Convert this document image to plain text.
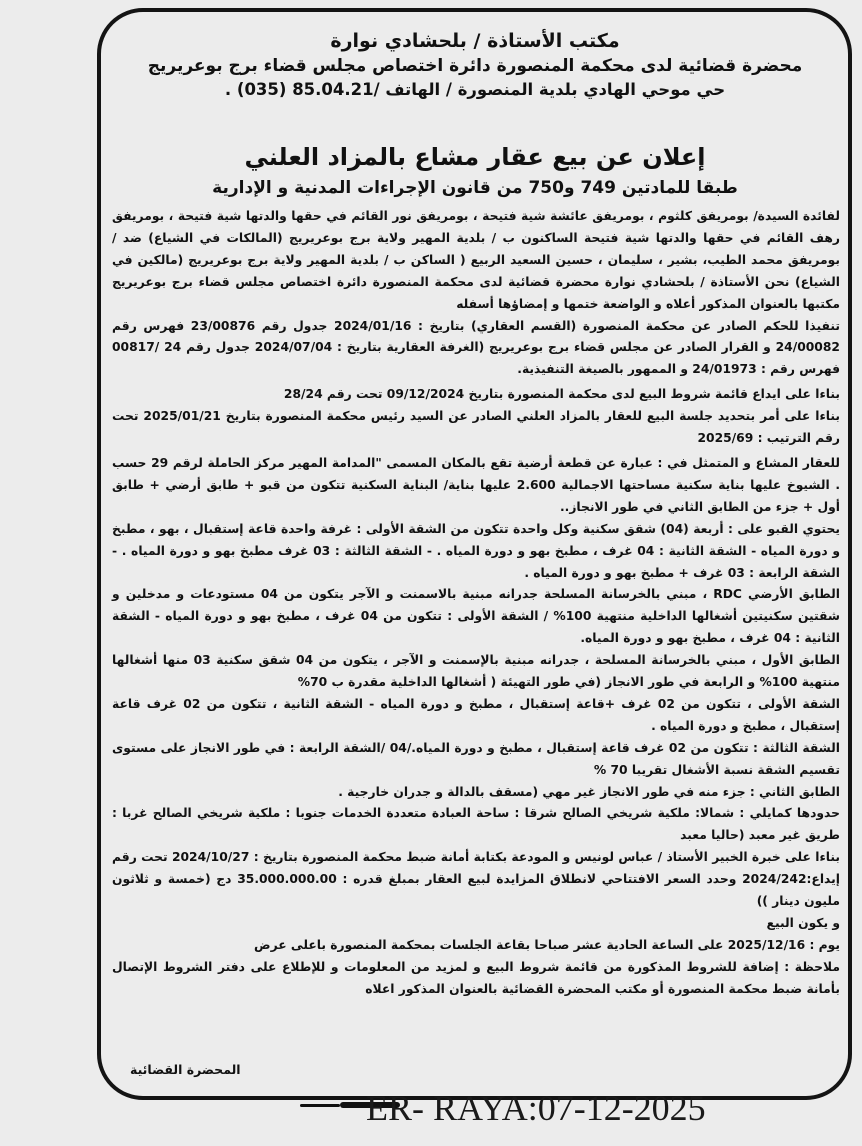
مكتب الأستاذة / بلحشادي نوارة
محضرة قضائية لدى محكمة المنصورة دائرة اختصاص مجلس قضاء برج بوعريريج
حي موحي الهادي بلدية المنصورة / الهاتف /85.04.21 (035) .
إعلان عن بيع عقار مشاع بالمزاد العلني
طبقا للمادتين 749 و750 من قانون الإجراءات المدنية و الإدارية

لفائدة السيدة/ بومريفق كلثوم ، بومريفق عائشة شية فتيحة ، بومريفق نور القائم في حقها والدتها شية فتيحة ، بومريفق رهف القائم في حقها والدتها شية فتيحة الساكنون ب / بلدية المهير ولاية برج بوعريريج (المالكات في الشياع) ضد / بومريفق محمد الطيب، بشير ، سليمان ، حسين السعيد الربيع ( الساكن ب / بلدية المهير ولاية برج بوعريريج (مالكين في الشياع) نحن الأستاذة / بلحشادي نوارة محضرة قضائية لدى محكمة المنصورة دائرة اختصاص مجلس قضاء برج بوعريريج مكتبها بالعنوان المذكور أعلاه و الواضعة ختمها و إمضاؤها أسفله

تنفيذا للحكم الصادر عن محكمة المنصورة (القسم العقاري) بتاريخ : 2024/01/16 جدول رقم 23/00876 فهرس رقم 24/00082 و القرار الصادر عن مجلس قضاء برج بوعريريج (الغرفة العقارية بتاريخ : 2024/07/04 جدول رقم 24 /00817 فهرس رقم : 24/01973 و الممهور بالصيغة التنفيذية.

بناءا على ايداع قائمة شروط البيع لدى محكمة المنصورة بتاريخ 09/12/2024 تحت رقم 28/24

بناءا على أمر بتحديد جلسة البيع للعقار بالمزاد العلني الصادر عن السيد رئيس محكمة المنصورة بتاريخ 2025/01/21 تحت رقم الترتيب : 2025/69

للعقار المشاع و المتمثل في : عبارة عن قطعة أرضية تقع بالمكان المسمى "المدامة المهير مركز الحاملة لرقم 29 حسب . الشيوخ عليها بناية سكنية مساحتها الاجمالية 2.600 عليها بناية/ البناية السكنية تتكون من قبو + طابق أرضي + طابق أول + جزء من الطابق الثاني في طور الانجاز..

يحتوي القبو على : أربعة (04) شقق سكنية وكل واحدة تتكون من الشقة الأولى : غرفة واحدة قاعة إستقبال ، بهو ، مطبخ و دورة المياه - الشقة الثانية : 04 غرف ، مطبخ بهو و دورة المياه . - الشقة الثالثة : 03 غرف مطبخ بهو و دورة المياه . - الشقة الرابعة : 03 غرف + مطبخ بهو و دورة المياه .

الطابق الأرضي RDC ، مبني بالخرسانة المسلحة جدرانه مبنية بالاسمنت و الآجر يتكون من 04 مستودعات و مدخلين و شقتين سكنيتين أشغالها الداخلية منتهية 100% / الشقة الأولى : تتكون من 04 غرف ، مطبخ بهو و دورة المياه - الشقة الثانية : 04 غرف ، مطبخ بهو و دورة المياه.

الطابق الأول ، مبني بالخرسانة المسلحة ، جدرانه مبنية بالإسمنت و الآجر ، يتكون من 04 شقق سكنية 03 منها أشغالها منتهية 100% و الرابعة في طور الانجاز (في طور التهيئة ( أشغالها الداخلية مقدرة ب 70%

الشقة الأولى ، تتكون من 02 غرف +قاعة إستقبال ، مطبخ و دورة المياه - الشقة الثانية ، تتكون من 02 غرف قاعة إستقبال ، مطبخ و دورة المياه .

الشقة الثالثة : تتكون من 02 غرف قاعة إستقبال ، مطبخ و دورة المياه./04 /الشقة الرابعة : في طور الانجاز على مستوى تقسيم الشقة نسبة الأشغال تقريبا 70 %

الطابق الثاني : جزء منه في طور الانجاز غير مهي (مسقف بالدالة و جدران خارجية .

حدودها كمايلي : شمالا: ملكية شريخي الصالح شرقا : ساحة العبادة متعددة الخدمات جنوبا : ملكية شريخي الصالح غربا : طريق غير معبد (حاليا معبد

بناءا على خبرة الخبير الأستاذ / عباس لونيس و المودعة بكتابة أمانة ضبط محكمة المنصورة بتاريخ : 2024/10/27 تحت رقم إيداع:2024/242 وحدد السعر الافتتاحي لانطلاق المزايدة لبيع العقار بمبلغ قدره : 35.000.000.00 دج (خمسة و ثلاثون مليون دينار ))

و يكون البيع

يوم : 2025/12/16 على الساعة الحادية عشر صباحا بقاعة الجلسات بمحكمة المنصورة باعلى عرض

ملاحظة : إضافة للشروط المذكورة من قائمة شروط البيع و لمزيد من المعلومات و للإطلاع على دفتر الشروط الإتصال بأمانة ضبط محكمة المنصورة أو مكتب المحضرة القضائية بالعنوان المذكور اعلاه

المحضرة القضائية
ER- RAYA:07-12-2025
